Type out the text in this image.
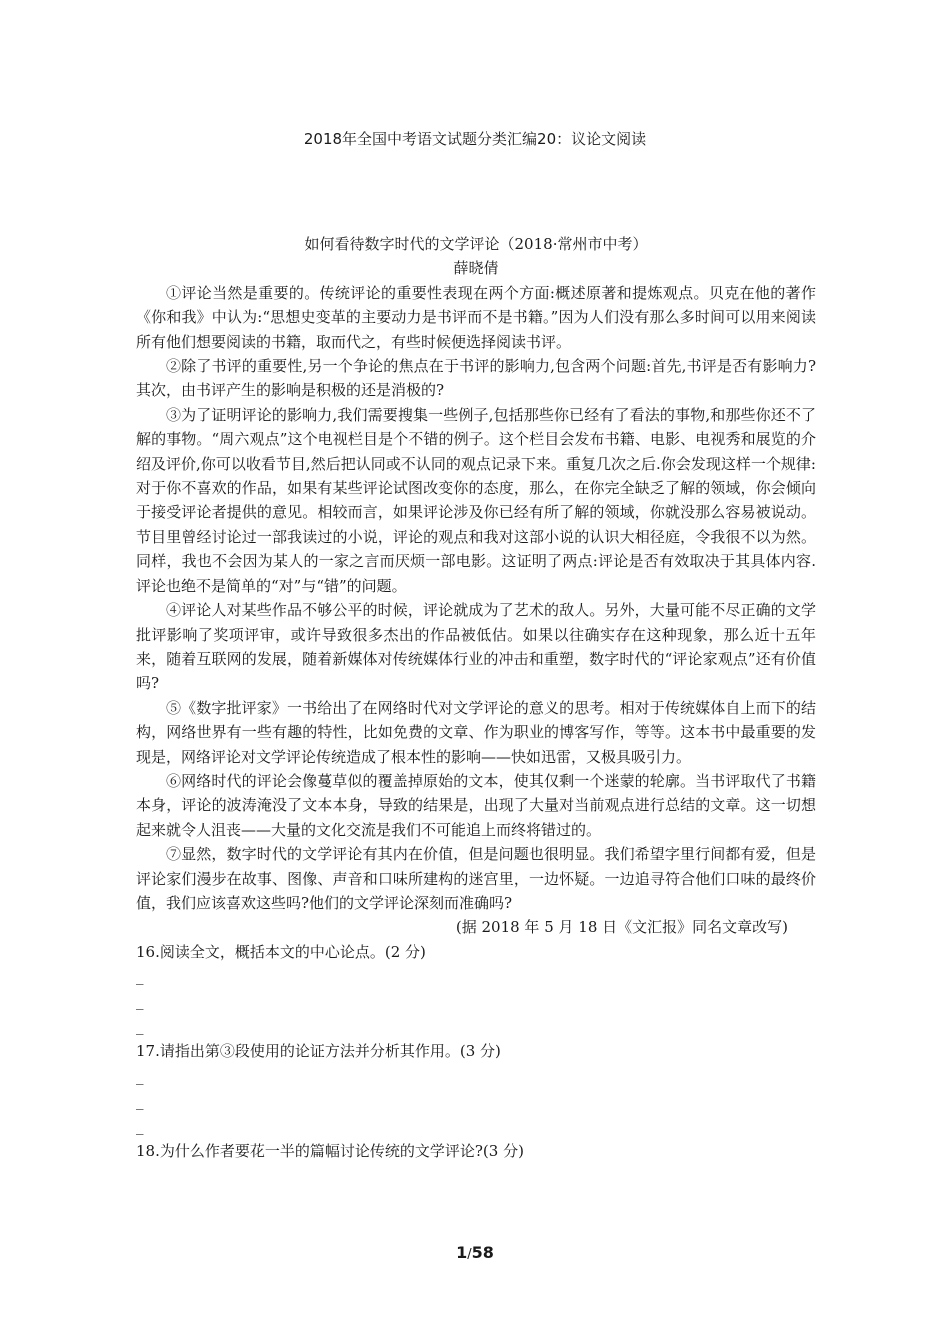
2018年全国中考语文试题分类汇编20：议论文阅读
如何看待数字时代的文学评论（2018·常州市中考）
薛晓倩

①评论当然是重要的。传统评论的重要性表现在两个方面:概述原著和提炼观点。贝克在他的著作《你和我》中认为:“思想史变革的主要动力是书评而不是书籍。”因为人们没有那么多时间可以用来阅读所有他们想要阅读的书籍，取而代之，有些时候便选择阅读书评。

②除了书评的重要性,另一个争论的焦点在于书评的影响力,包含两个问题:首先,书评是否有影响力?其次，由书评产生的影响是积极的还是消极的?

③为了证明评论的影响力,我们需要搜集一些例子,包括那些你已经有了看法的事物,和那些你还不了解的事物。“周六观点”这个电视栏目是个不错的例子。这个栏目会发布书籍、电影、电视秀和展览的介绍及评价,你可以收看节目,然后把认同或不认同的观点记录下来。重复几次之后.你会发现这样一个规律:对于你不喜欢的作品，如果有某些评论试图改变你的态度，那么，在你完全缺乏了解的领域，你会倾向于接受评论者提供的意见。相较而言，如果评论涉及你已经有所了解的领域，你就没那么容易被说动。节目里曾经讨论过一部我读过的小说，评论的观点和我对这部小说的认识大相径庭，令我很不以为然。同样，我也不会因为某人的一家之言而厌烦一部电影。这证明了两点:评论是否有效取决于其具体内容.评论也绝不是简单的“对”与“错”的问题。

④评论人对某些作品不够公平的时候，评论就成为了艺术的敌人。另外，大量可能不尽正确的文学批评影响了奖项评审，或许导致很多杰出的作品被低估。如果以往确实存在这种现象，那么近十五年来，随着互联网的发展，随着新媒体对传统媒体行业的冲击和重塑，数字时代的“评论家观点”还有价值吗?

⑤《数字批评家》一书给出了在网络时代对文学评论的意义的思考。相对于传统媒体自上而下的结构，网络世界有一些有趣的特性，比如免费的文章、作为职业的博客写作，等等。这本书中最重要的发现是，网络评论对文学评论传统造成了根本性的影响——快如迅雷，又极具吸引力。

⑥网络时代的评论会像蔓草似的覆盖掉原始的文本，使其仅剩一个迷蒙的轮廓。当书评取代了书籍本身，评论的波涛淹没了文本本身，导致的结果是，出现了大量对当前观点进行总结的文章。这一切想起来就令人沮丧——大量的文化交流是我们不可能追上而终将错过的。

⑦显然，数字时代的文学评论有其内在价值，但是问题也很明显。我们希望字里行间都有爱，但是评论家们漫步在故事、图像、声音和口味所建构的迷宫里，一边怀疑。一边追寻符合他们口味的最终价值，我们应该喜欢这些吗?他们的文学评论深刻而准确吗?

(据 2018 年 5 月 18 日《文汇报》同名文章改写)

16.阅读全文，概括本文的中心论点。(2 分)

_

_

_

17.请指出第③段使用的论证方法并分析其作用。(3 分)

_

_

_

18.为什么作者要花一半的篇幅讨论传统的文学评论?(3 分)

1/58
